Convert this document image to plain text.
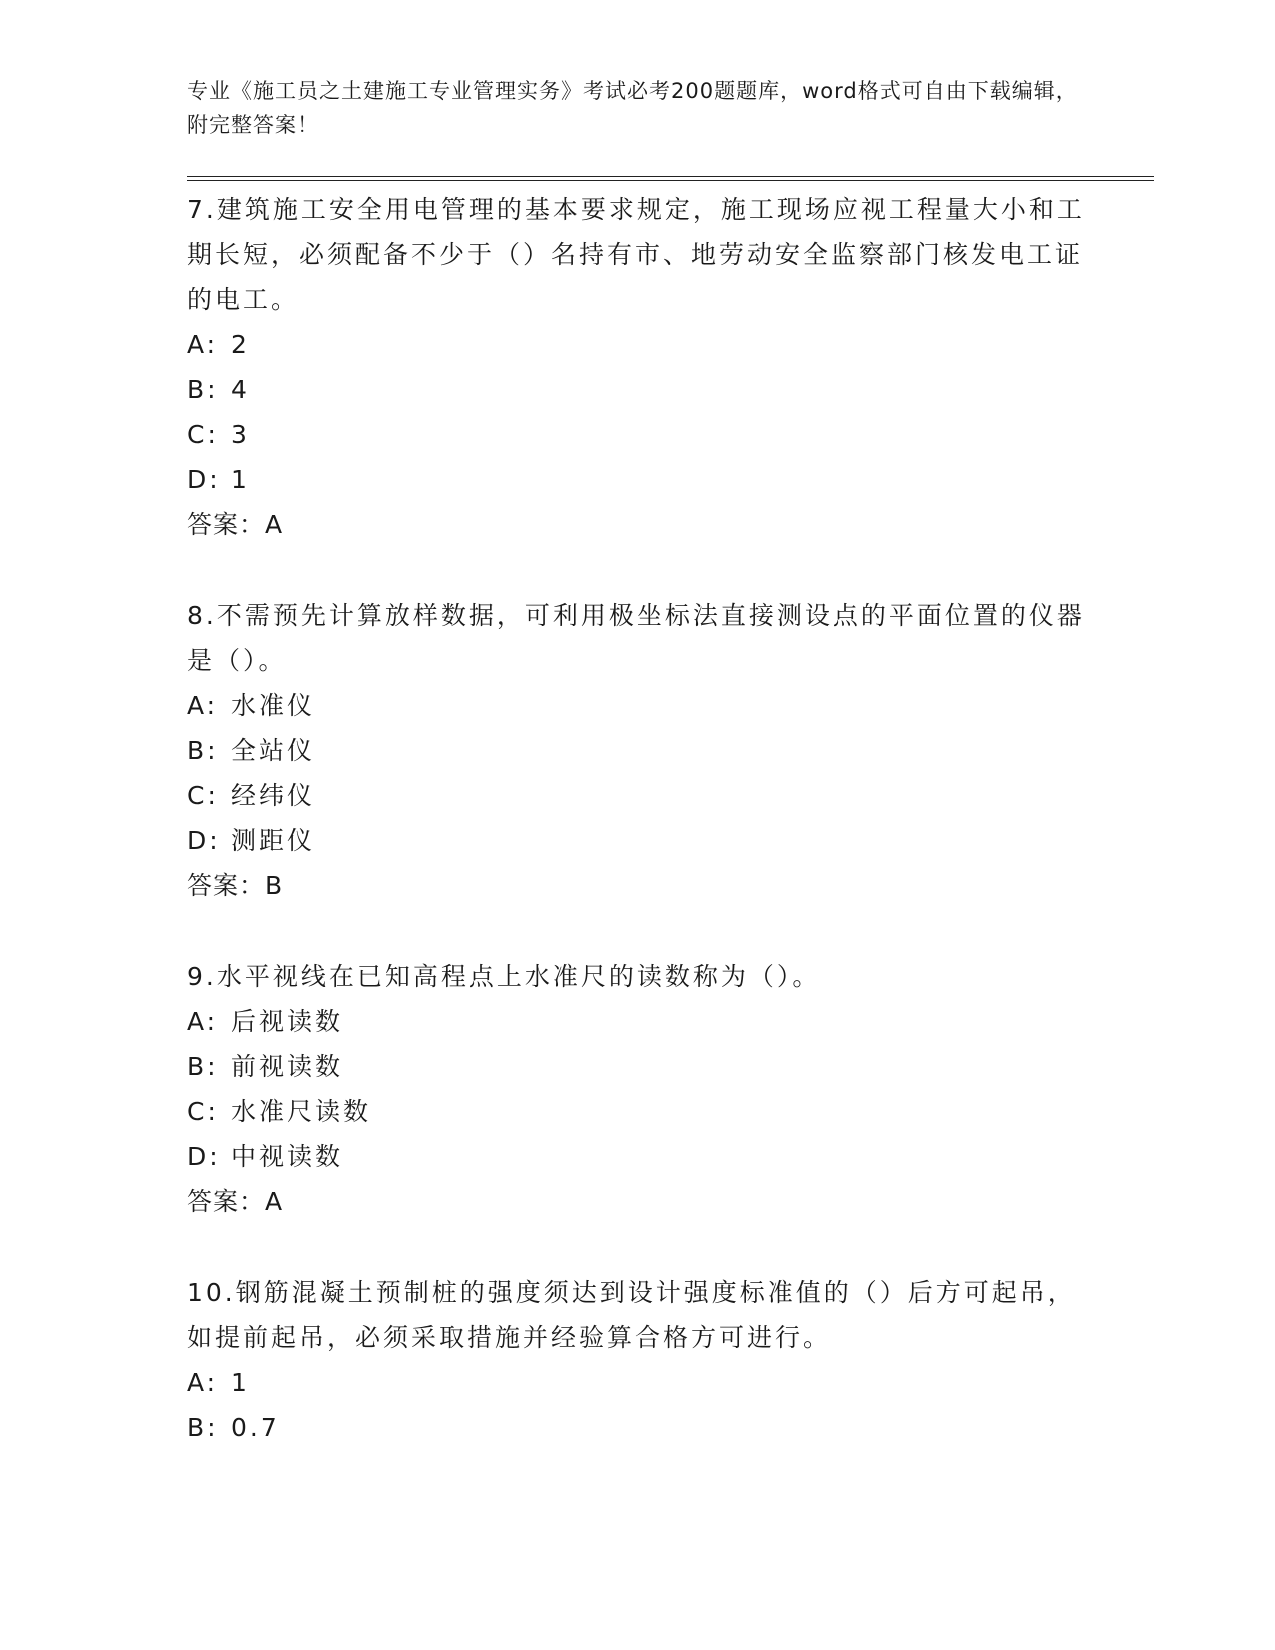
专业《施工员之土建施工专业管理实务》考试必考200题题库，word格式可自由下载编辑，附完整答案！

7.建筑施工安全用电管理的基本要求规定，施工现场应视工程量大小和工期长短，必须配备不少于（）名持有市、地劳动安全监察部门核发电工证的电工。

A: 2
B: 4
C: 3
D: 1

答案：A

8.不需预先计算放样数据，可利用极坐标法直接测设点的平面位置的仪器是（）。

A: 水准仪
B: 全站仪
C: 经纬仪
D: 测距仪

答案：B

9.水平视线在已知高程点上水准尺的读数称为（）。

A: 后视读数
B: 前视读数
C: 水准尺读数
D: 中视读数

答案：A

10.钢筋混凝土预制桩的强度须达到设计强度标准值的（）后方可起吊，如提前起吊，必须采取措施并经验算合格方可进行。

A: 1
B: 0.7
